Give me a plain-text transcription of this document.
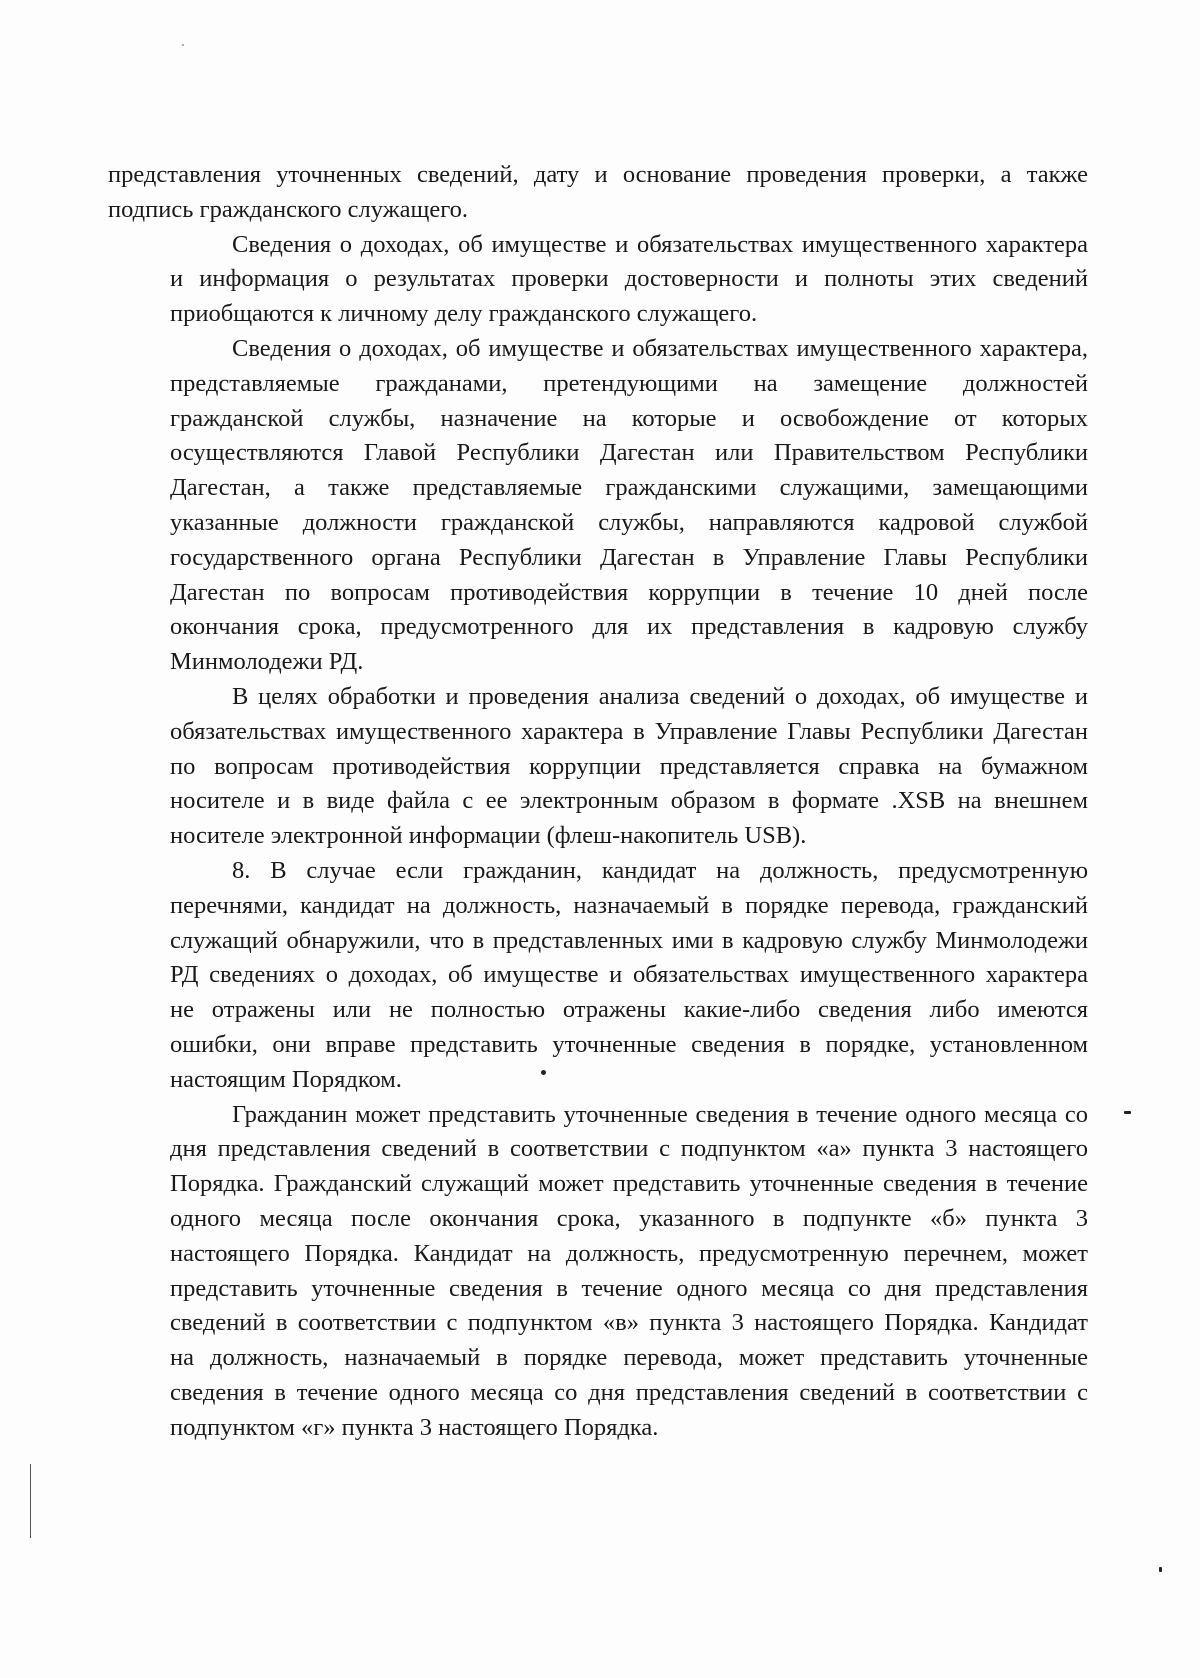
представления уточненных сведений, дату и основание проведения проверки, а также
подпись гражданского служащего.
Сведения о доходах, об имуществе и обязательствах имущественного характера
и информация о результатах проверки достоверности и полноты этих сведений
приобщаются к личному делу гражданского служащего.
Сведения о доходах, об имуществе и обязательствах имущественного характера,
представляемые гражданами, претендующими на замещение должностей
гражданской службы, назначение на которые и освобождение от которых
осуществляются Главой Республики Дагестан или Правительством Республики
Дагестан, а также представляемые гражданскими служащими, замещающими
указанные должности гражданской службы, направляются кадровой службой
государственного органа Республики Дагестан в Управление Главы Республики
Дагестан по вопросам противодействия коррупции в течение 10 дней после
окончания срока, предусмотренного для их представления в кадровую службу
Минмолодежи РД.
В целях обработки и проведения анализа сведений о доходах, об имуществе и
обязательствах имущественного характера в Управление Главы Республики Дагестан
по вопросам противодействия коррупции представляется справка на бумажном
носителе и в виде файла с ее электронным образом в формате .XSB на внешнем
носителе электронной информации (флеш-накопитель USB).
8. В случае если гражданин, кандидат на должность, предусмотренную
перечнями, кандидат на должность, назначаемый в порядке перевода, гражданский
служащий обнаружили, что в представленных ими в кадровую службу Минмолодежи
РД сведениях о доходах, об имуществе и обязательствах имущественного характера
не отражены или не полностью отражены какие-либо сведения либо имеются
ошибки, они вправе представить уточненные сведения в порядке, установленном
настоящим Порядком.
Гражданин может представить уточненные сведения в течение одного месяца со
дня представления сведений в соответствии с подпунктом «а» пункта 3 настоящего
Порядка. Гражданский служащий может представить уточненные сведения в течение
одного месяца после окончания срока, указанного в подпункте «б» пункта 3
настоящего Порядка. Кандидат на должность, предусмотренную перечнем, может
представить уточненные сведения в течение одного месяца со дня представления
сведений в соответствии с подпунктом «в» пункта 3 настоящего Порядка. Кандидат
на должность, назначаемый в порядке перевода, может представить уточненные
сведения в течение одного месяца со дня представления сведений в соответствии с
подпунктом «г» пункта 3 настоящего Порядка.
